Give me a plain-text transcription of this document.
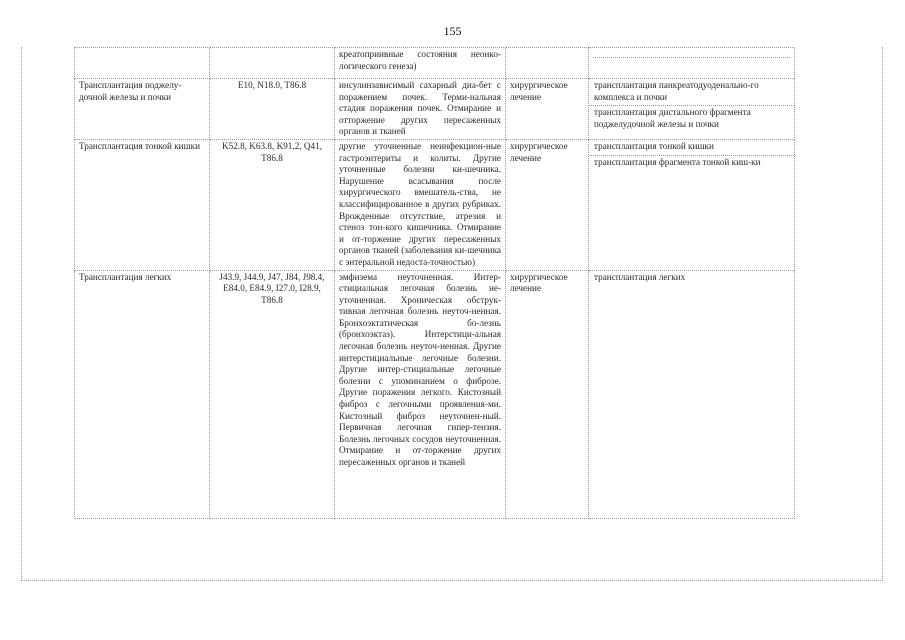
155
		креатоприивные состояния неонко-логического генеза)		

Трансплантация поджелу-дочной железы и почки	E10, N18.0, T86.8	инсулинзависимый сахарный диа-бет с поражением почек. Терми-нальная стадия поражения почек. Отмирание и отторжение других пересаженных органов и тканей	хирургическое лечение	трансплантация панкреатодуоденально-го комплекса и почки
трансплантация дистального фрагмента поджелудочной железы и почки

Трансплантация тонкой кишки	K52.8, K63.8, K91.2, Q41, T86.8	другие уточненные неинфекцион-ные гастроэнтериты и колиты. Другие уточненные болезни ки-шечника. Нарушение всасывания после хирургического вмешатель-ства, не классифицированное в других рубриках. Врожденные отсутствие, атрезия и стеноз тон-кого кишечника. Отмирание и от-торжение других пересаженных органов тканей (заболевания ки-шечника с энтеральной недоста-точностью)	хирургическое лечение	трансплантация тонкой кишки
трансплантация фрагмента тонкой киш-ки

Трансплантация легких	J43.9, J44.9, J47, J84, J98.4, E84.0, E84.9, I27.0, I28.9, T86.8	эмфизема неуточненная. Интер-стициальная легочная болезнь не-уточненная. Хроническая обструк-тивная легочная болезнь неуточ-ненная. Бронхоэктатическая бо-лезнь (бронхоэктаз). Интерстици-альная легочная болезнь неуточ-ненная. Другие интерстициальные легочные болезни. Другие интер-стициальные легочные болезни с упоминанием о фиброзе. Другие поражения легкого. Кистозный фиброз с легочными проявления-ми. Кистозный фиброз неуточнен-ный. Первичная легочная гипер-тензия. Болезнь легочных сосудов неуточненная. Отмирание и от-торжение других пересаженных органов и тканей	хирургическое лечение	трансплантация легких
